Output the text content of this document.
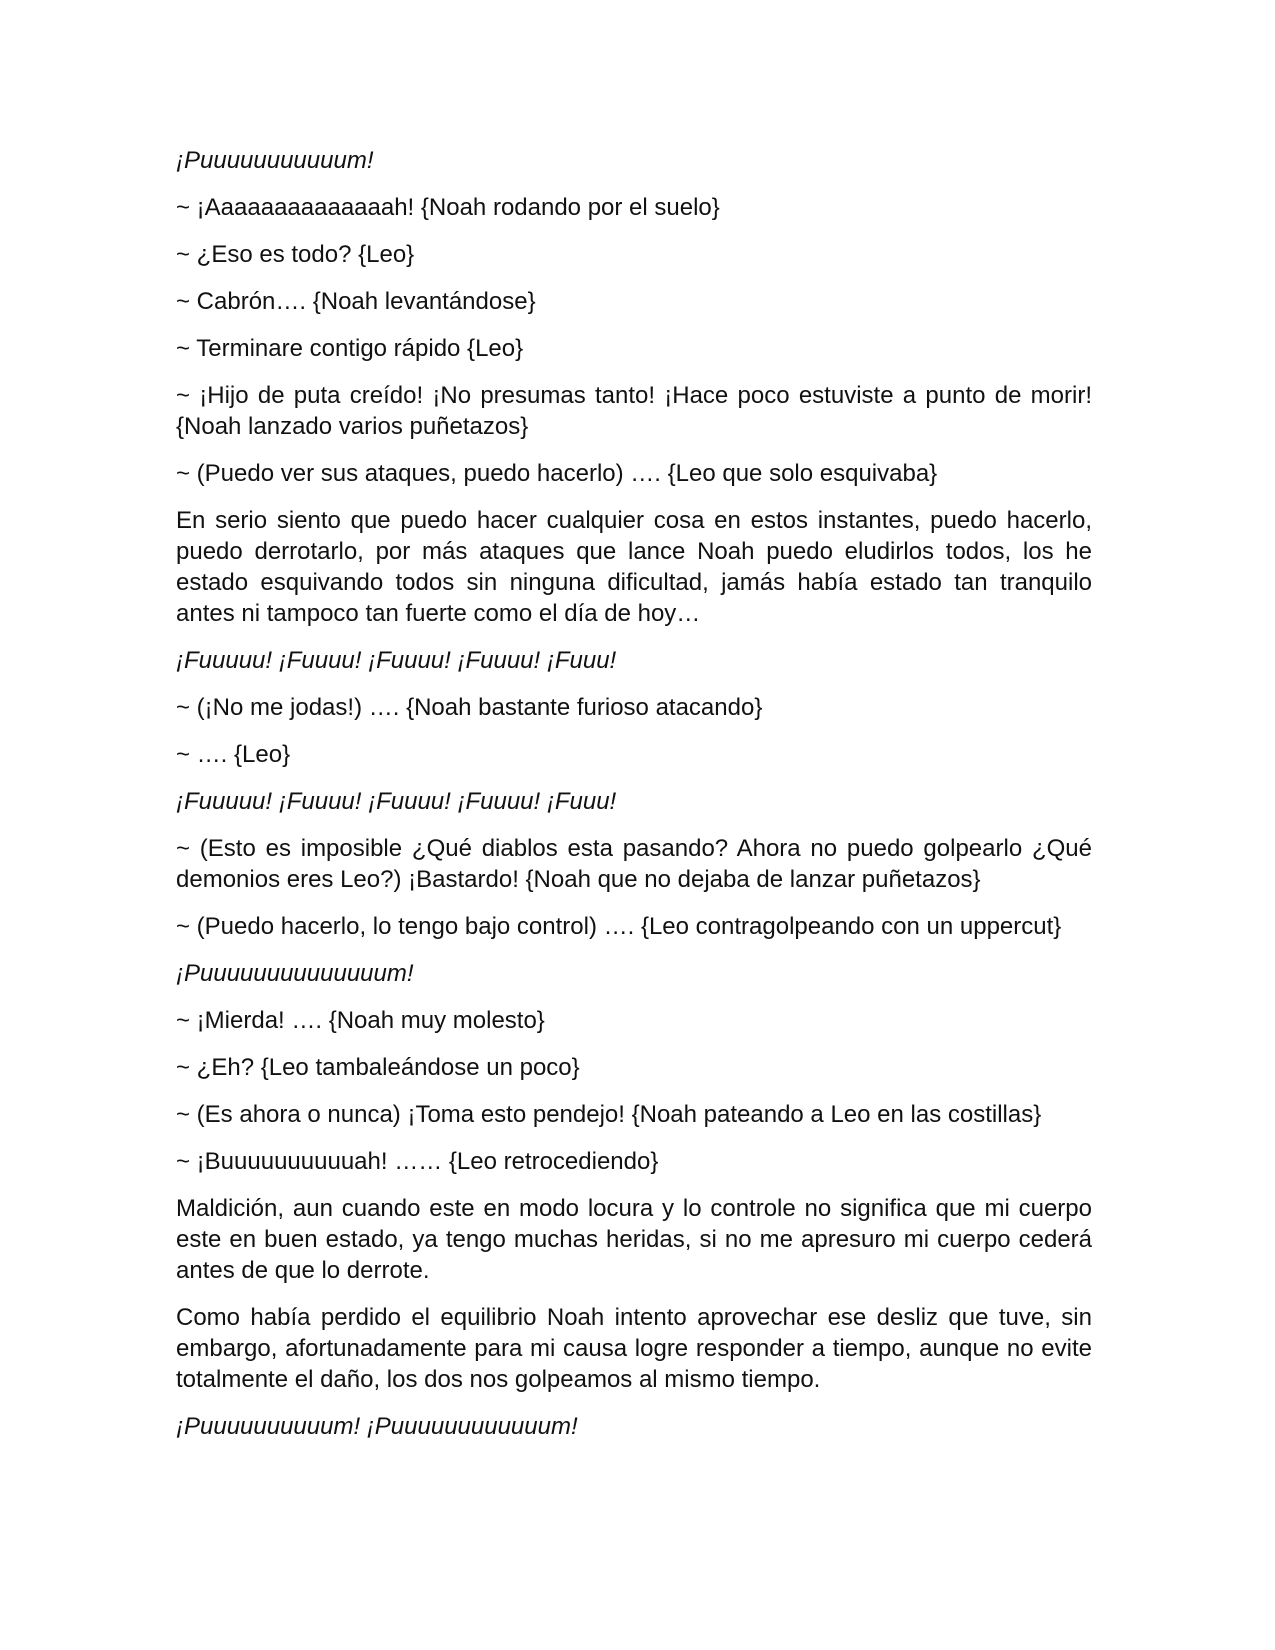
¡Puuuuuuuuuuum!

~ ¡Aaaaaaaaaaaaaah! {Noah rodando por el suelo}

~ ¿Eso es todo? {Leo}

~ Cabrón…. {Noah levantándose}

~ Terminare contigo rápido {Leo}

~ ¡Hijo de puta creído! ¡No presumas tanto! ¡Hace poco estuviste a punto de morir! {Noah lanzado varios puñetazos}

~ (Puedo ver sus ataques, puedo hacerlo) …. {Leo que solo esquivaba}

En serio siento que puedo hacer cualquier cosa en estos instantes, puedo hacerlo, puedo derrotarlo, por más ataques que lance Noah puedo eludirlos todos, los he estado esquivando todos sin ninguna dificultad, jamás había estado tan tranquilo antes ni tampoco tan fuerte como el día de hoy…

¡Fuuuuu! ¡Fuuuu! ¡Fuuuu! ¡Fuuuu! ¡Fuuu!

~ (¡No me jodas!) …. {Noah bastante furioso atacando}

~ …. {Leo}

¡Fuuuuu! ¡Fuuuu! ¡Fuuuu! ¡Fuuuu! ¡Fuuu!

~ (Esto es imposible ¿Qué diablos esta pasando? Ahora no puedo golpearlo ¿Qué demonios eres Leo?) ¡Bastardo! {Noah que no dejaba de lanzar puñetazos}

~ (Puedo hacerlo, lo tengo bajo control) …. {Leo contragolpeando con un uppercut}

¡Puuuuuuuuuuuuuum!

~ ¡Mierda! …. {Noah muy molesto}

~ ¿Eh? {Leo tambaleándose un poco}

~ (Es ahora o nunca) ¡Toma esto pendejo! {Noah pateando a Leo en las costillas}

~ ¡Buuuuuuuuuuah! …… {Leo retrocediendo}

Maldición, aun cuando este en modo locura y lo controle no significa que mi cuerpo este en buen estado, ya tengo muchas heridas, si no me apresuro mi cuerpo cederá antes de que lo derrote.

Como había perdido el equilibrio Noah intento aprovechar ese desliz que tuve, sin embargo, afortunadamente para mi causa logre responder a tiempo, aunque no evite totalmente el daño, los dos nos golpeamos al mismo tiempo.

¡Puuuuuuuuuum! ¡Puuuuuuuuuuuum!
